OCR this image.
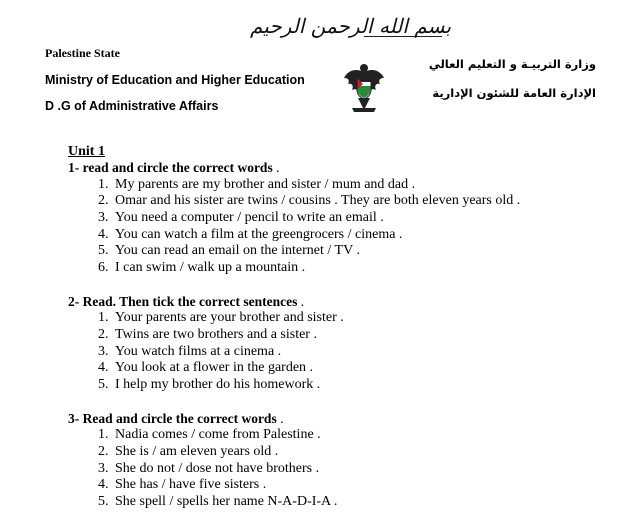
Palestine State
Ministry of Education and Higher Education
D .G of Administrative Affairs
بسم الله الرحمن الرحيم
وزارة التربيـة و التعليم العالي
الإدارة العامة للشئون الإدارية
Unit 1
1- read and circle the correct words .
1. My parents are my brother and sister / mum and dad .
2. Omar and his sister are twins / cousins . They are both eleven years old .
3. You need a computer / pencil to write an email .
4. You can watch a film at the greengrocers / cinema .
5. You can read an email on the internet / TV .
6. I can swim / walk up a mountain .
2- Read. Then tick the correct sentences .
1. Your parents are your brother and sister .
2. Twins are two brothers and a sister .
3. You watch films at a cinema .
4. You look at a flower in the garden .
5. I help my brother do his homework .
3- Read and circle the correct words .
1. Nadia comes / come from Palestine .
2. She is / am eleven years old .
3. She do not / dose not have brothers .
4. She has / have five sisters .
5. She spell / spells her name N-A-D-I-A .
